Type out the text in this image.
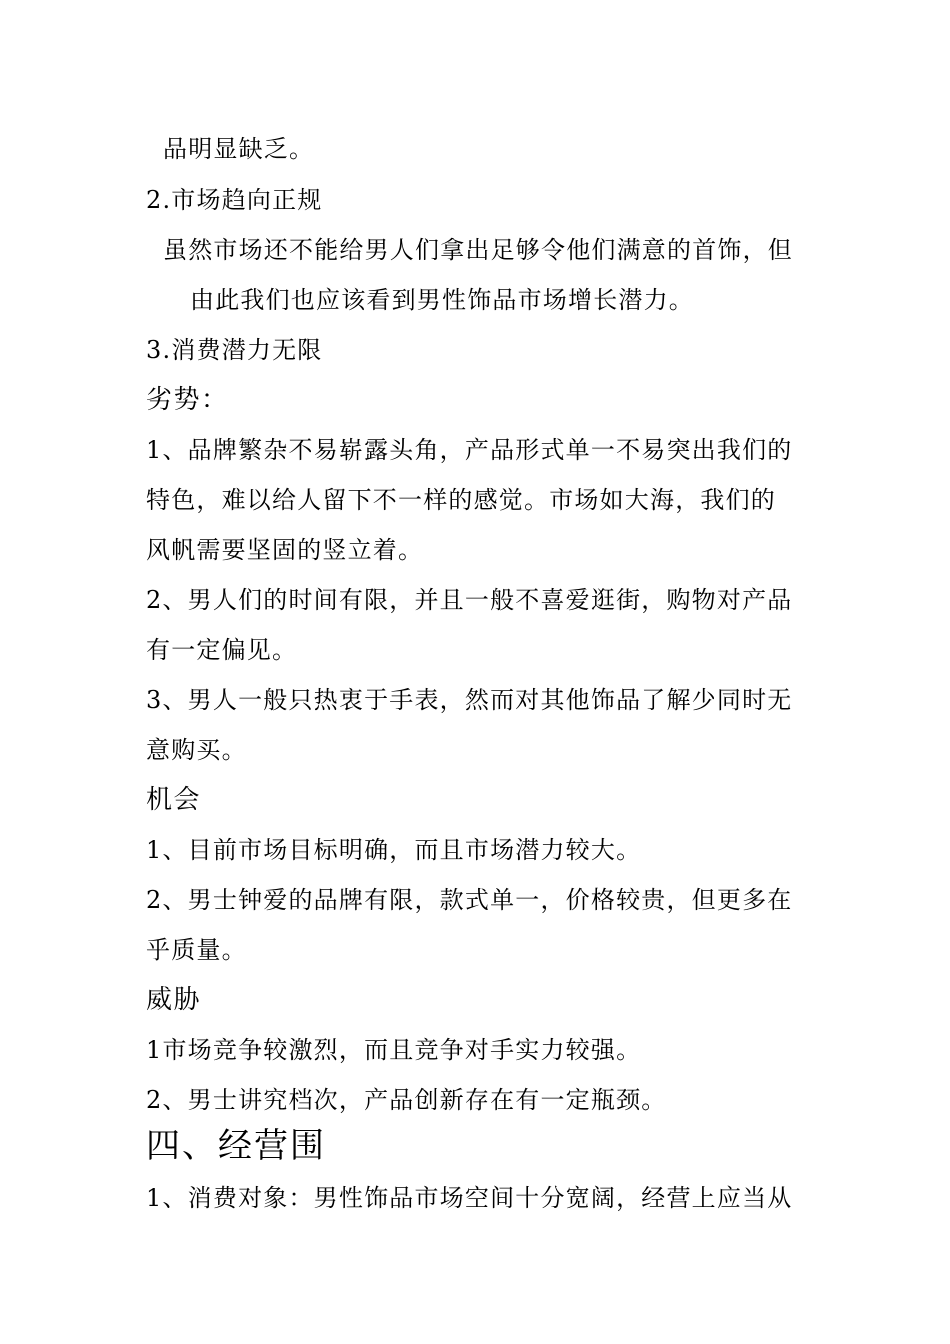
品明显缺乏。
2.市场趋向正规
虽然市场还不能给男人们拿出足够令他们满意的首饰，但
由此我们也应该看到男性饰品市场增长潜力。
3.消费潜力无限
劣势：
1、品牌繁杂不易崭露头角，产品形式单一不易突出我们的
特色，难以给人留下不一样的感觉。市场如大海，我们的
风帆需要坚固的竖立着。
2、男人们的时间有限，并且一般不喜爱逛街，购物对产品
有一定偏见。
3、男人一般只热衷于手表，然而对其他饰品了解少同时无
意购买。
机会
1、目前市场目标明确，而且市场潜力较大。
2、男士钟爱的品牌有限，款式单一，价格较贵，但更多在
乎质量。
威胁
1市场竞争较激烈，而且竞争对手实力较强。
2、男士讲究档次，产品创新存在有一定瓶颈。
四、经营围
1、消费对象：男性饰品市场空间十分宽阔，经营上应当从
